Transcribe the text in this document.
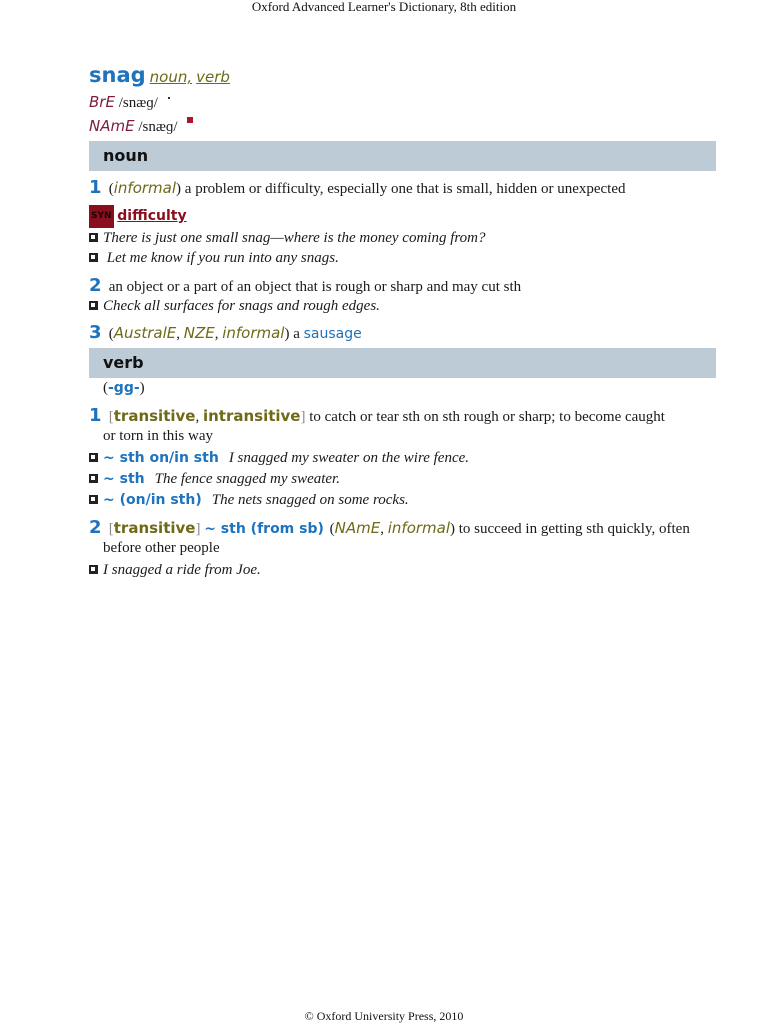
Oxford Advanced Learner's Dictionary, 8th edition
snag noun, verb
BrE /snæɡ/
NAmE /snæɡ/
noun
1 (informal) a problem or difficulty, especially one that is small, hidden or unexpected
SYN difficulty
There is just one small snag—where is the money coming from?
Let me know if you run into any snags.
2 an object or a part of an object that is rough or sharp and may cut sth
Check all surfaces for snags and rough edges.
3 (AustralE, NZE, informal) a sausage
verb
(-gg-)
1 [transitive, intransitive] to catch or tear sth on sth rough or sharp; to become caught
or torn in this way
~ sth on/in sth I snagged my sweater on the wire fence.
~ sth The fence snagged my sweater.
~ (on/in sth) The nets snagged on some rocks.
2 [transitive] ~ sth (from sb) (NAmE, informal) to succeed in getting sth quickly, often
before other people
I snagged a ride from Joe.
© Oxford University Press, 2010
